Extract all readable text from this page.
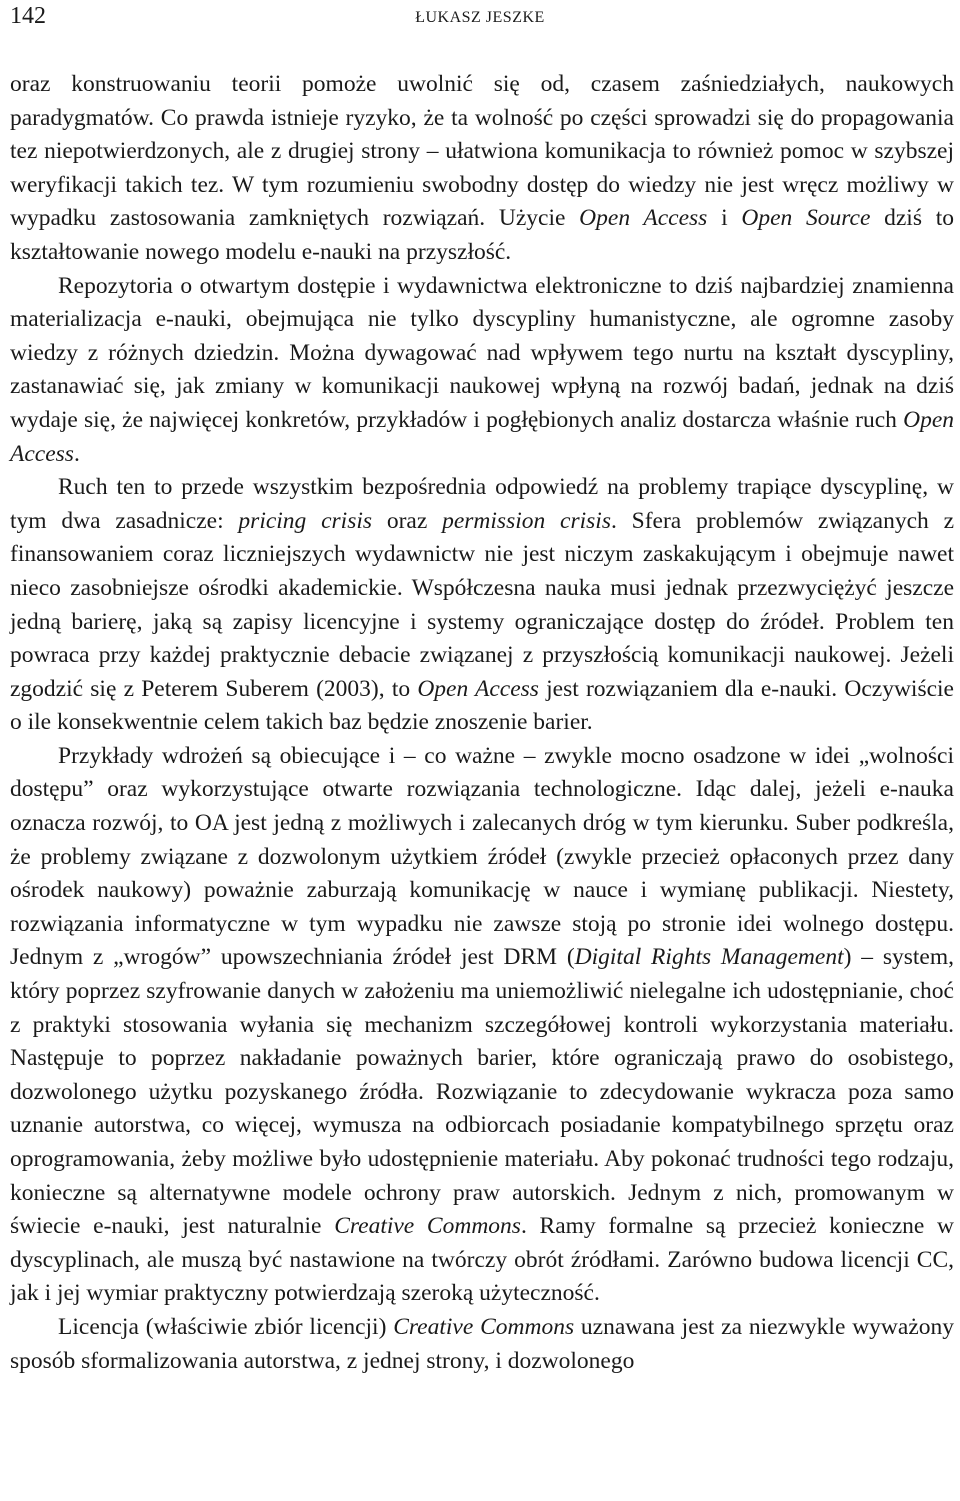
142	ŁUKASZ JESZKE

oraz konstruowaniu teorii pomoże uwolnić się od, czasem zaśniedziałych, naukowych paradygmatów. Co prawda istnieje ryzyko, że ta wolność po części sprowadzi się do propagowania tez niepotwierdzonych, ale z drugiej strony – ułatwiona komunikacja to również pomoc w szybszej weryfikacji takich tez. W tym rozumieniu swobodny dostęp do wiedzy nie jest wręcz możliwy w wypadku zastosowania zamkniętych rozwiązań. Użycie Open Access i Open Source dziś to kształtowanie nowego modelu e-nauki na przyszłość.

Repozytoria o otwartym dostępie i wydawnictwa elektroniczne to dziś najbardziej znamienna materializacja e-nauki, obejmująca nie tylko dyscypliny humanistyczne, ale ogromne zasoby wiedzy z różnych dziedzin. Można dywagować nad wpływem tego nurtu na kształt dyscypliny, zastanawiać się, jak zmiany w komunikacji naukowej wpłyną na rozwój badań, jednak na dziś wydaje się, że najwięcej konkretów, przykładów i pogłębionych analiz dostarcza właśnie ruch Open Access.

Ruch ten to przede wszystkim bezpośrednia odpowiedź na problemy trapiące dyscyplinę, w tym dwa zasadnicze: pricing crisis oraz permission crisis. Sfera problemów związanych z finansowaniem coraz liczniejszych wydawnictw nie jest niczym zaskakującym i obejmuje nawet nieco zasobniejsze ośrodki akademickie. Współczesna nauka musi jednak przezwyciężyć jeszcze jedną barierę, jaką są zapisy licencyjne i systemy ograniczające dostęp do źródeł. Problem ten powraca przy każdej praktycznie debacie związanej z przyszłością komunikacji naukowej. Jeżeli zgodzić się z Peterem Suberem (2003), to Open Access jest rozwiązaniem dla e-nauki. Oczywiście o ile konsekwentnie celem takich baz będzie znoszenie barier.

Przykłady wdrożeń są obiecujące i – co ważne – zwykle mocno osadzone w idei „wolności dostępu” oraz wykorzystujące otwarte rozwiązania technologiczne. Idąc dalej, jeżeli e-nauka oznacza rozwój, to OA jest jedną z możliwych i zalecanych dróg w tym kierunku. Suber podkreśla, że problemy związane z dozwolonym użytkiem źródeł (zwykle przecież opłaconych przez dany ośrodek naukowy) poważnie zaburzają komunikację w nauce i wymianę publikacji. Niestety, rozwiązania informatyczne w tym wypadku nie zawsze stoją po stronie idei wolnego dostępu. Jednym z „wrogów” upowszechniania źródeł jest DRM (Digital Rights Management) – system, który poprzez szyfrowanie danych w założeniu ma uniemożliwić nielegalne ich udostępnianie, choć z praktyki stosowania wyłania się mechanizm szczegółowej kontroli wykorzystania materiału. Następuje to poprzez nakładanie poważnych barier, które ograniczają prawo do osobistego, dozwolonego użytku pozyskanego źródła. Rozwiązanie to zdecydowanie wykracza poza samo uznanie autorstwa, co więcej, wymusza na odbiorcach posiadanie kompatybilnego sprzętu oraz oprogramowania, żeby możliwe było udostępnienie materiału. Aby pokonać trudności tego rodzaju, konieczne są alternatywne modele ochrony praw autorskich. Jednym z nich, promowanym w świecie e-nauki, jest naturalnie Creative Commons. Ramy formalne są przecież konieczne w dyscyplinach, ale muszą być nastawione na twórczy obrót źródłami. Zarówno budowa licencji CC, jak i jej wymiar praktyczny potwierdzają szeroką użyteczność.

Licencja (właściwie zbiór licencji) Creative Commons uznawana jest za niezwykle wyważony sposób sformalizowania autorstwa, z jednej strony, i dozwolonego
